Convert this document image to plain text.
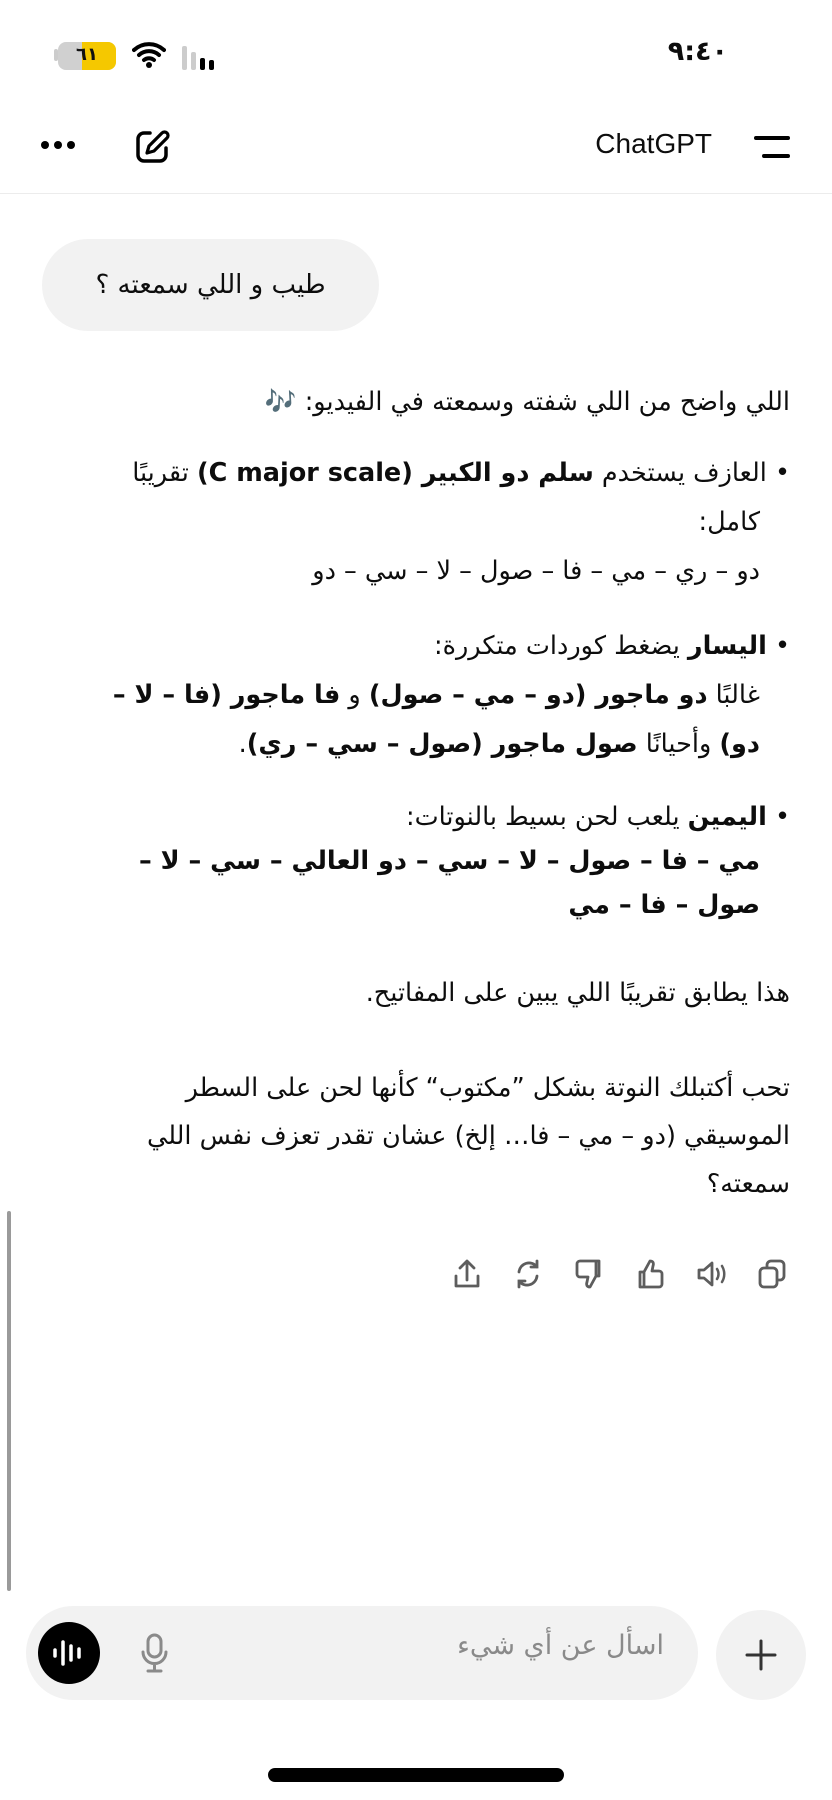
٩:٤٠
٦١
ChatGPT
طيب و اللي سمعته ؟
اللي واضح من اللي شفته وسمعته في الفيديو: 🎶
• العازف يستخدم سلم دو الكبير (C major scale) تقريبًا
كامل:
دو – ري – مي – فا – صول – لا – سي – دو
• اليسار يضغط كوردات متكررة:
غالبًا دو ماجور (دو – مي – صول) و فا ماجور (فا – لا –
دو) وأحيانًا صول ماجور (صول – سي – ري).
• اليمين يلعب لحن بسيط بالنوتات:
مي – فا – صول – لا – سي – دو العالي – سي – لا –
صول – فا – مي
هذا يطابق تقريبًا اللي يبين على المفاتيح.
تحب أكتبلك النوتة بشكل ”مكتوب“ كأنها لحن على السطر
الموسيقي (دو – مي – فا… إلخ) عشان تقدر تعزف نفس اللي
سمعته؟
اسأل عن أي شيء
